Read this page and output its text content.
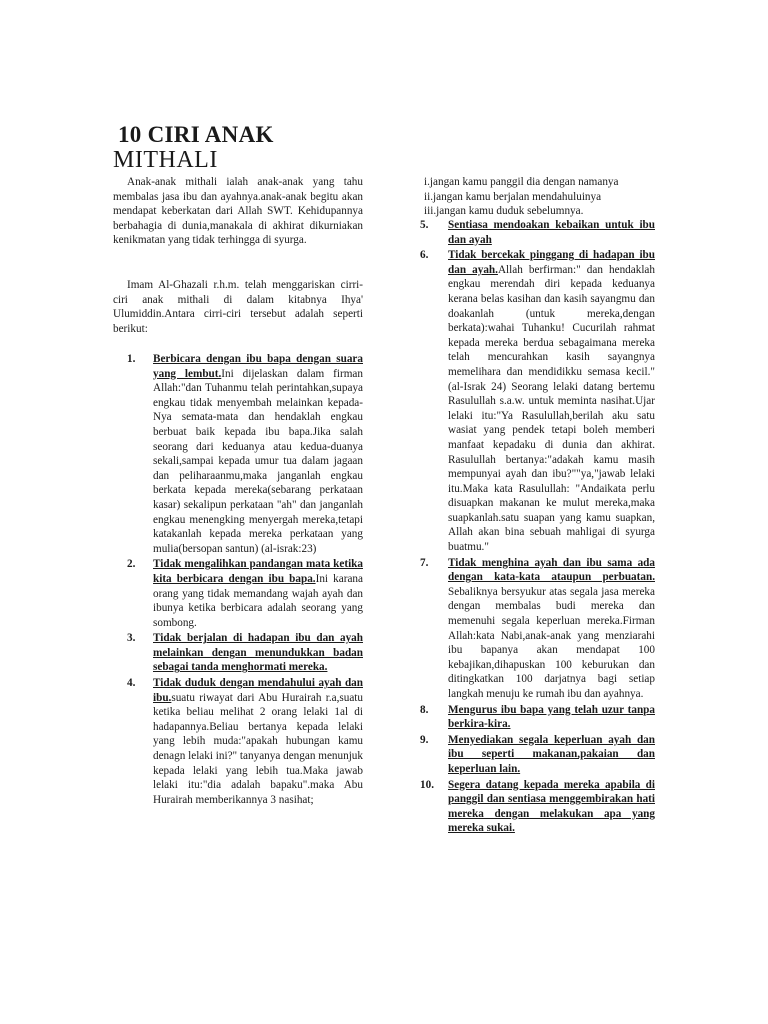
10 CIRI ANAK
MITHALI
Anak-anak mithali ialah anak-anak yang tahu membalas jasa ibu dan ayahnya.anak-anak begitu akan mendapat keberkatan dari Allah SWT. Kehidupannya berbahagia di dunia,manakala di akhirat dikurniakan kenikmatan yang tidak terhingga di syurga.
Imam Al-Ghazali r.h.m. telah menggariskan cirri-ciri anak mithali di dalam kitabnya Ihya' Ulumiddin.Antara cirri-ciri tersebut adalah seperti berikut:
1. Berbicara dengan ibu bapa dengan suara yang lembut.Ini dijelaskan dalam firman Allah:"dan Tuhanmu telah perintahkan,supaya engkau tidak menyembah melainkan kepada-Nya semata-mata dan hendaklah engkau berbuat baik kepada ibu bapa.Jika salah seorang dari keduanya atau kedua-duanya sekali,sampai kepada umur tua dalam jagaan dan peliharaanmu,maka janganlah engkau berkata kepada mereka(sebarang perkataan kasar) sekalipun perkataan "ah" dan janganlah engkau menengking menyergah mereka,tetapi katakanlah kepada mereka perkataan yang mulia(bersopan santun) (al-israk:23)
2. Tidak mengalihkan pandangan mata ketika kita berbicara dengan ibu bapa.Ini karana orang yang tidak memandang wajah ayah dan ibunya ketika berbicara adalah seorang yang sombong.
3. Tidak berjalan di hadapan ibu dan ayah melainkan dengan menundukkan badan sebagai tanda menghormati mereka.
4. Tidak duduk dengan mendahului ayah dan ibu.suatu riwayat dari Abu Hurairah r.a,suatu ketika beliau melihat 2 orang lelaki 1al di hadapannya.Beliau bertanya kepada lelaki yang lebih muda:"apakah hubungan kamu denagn lelaki ini?" tanyanya dengan menunjuk kepada lelaki yang lebih tua.Maka jawab lelaki itu:"dia adalah bapaku".maka Abu Hurairah memberikannya 3 nasihat;
i.jangan kamu panggil dia dengan namanya
ii.jangan kamu berjalan mendahuluinya
iii.jangan kamu duduk sebelumnya.
5. Sentiasa mendoakan kebaikan untuk ibu dan ayah
6. Tidak bercekak pinggang di hadapan ibu dan ayah.Allah berfirman:" dan hendaklah engkau merendah diri kepada keduanya kerana belas kasihan dan kasih sayangmu dan doakanlah (untuk mereka,dengan berkata):wahai Tuhanku! Cucurilah rahmat kepada mereka berdua sebagaimana mereka telah mencurahkan kasih sayangnya memelihara dan mendidikku semasa kecil."(al-Israk 24) Seorang lelaki datang bertemu Rasulullah s.a.w. untuk meminta nasihat.Ujar lelaki itu:"Ya Rasulullah,berilah aku satu wasiat yang pendek tetapi boleh memberi manfaat kepadaku di dunia dan akhirat. Rasulullah bertanya:"adakah kamu masih mempunyai ayah dan ibu?""ya,"jawab lelaki itu.Maka kata Rasulullah: "Andaikata perlu disuapkan makanan ke mulut mereka,maka suapkanlah.satu suapan yang kamu suapkan, Allah akan bina sebuah mahligai di syurga buatmu."
7. Tidak menghina ayah dan ibu sama ada dengan kata-kata ataupun perbuatan. Sebaliknya bersyukur atas segala jasa mereka dengan membalas budi mereka dan memenuhi segala keperluan mereka.Firman Allah:kata Nabi,anak-anak yang menziarahi ibu bapanya akan mendapat 100 kebajikan,dihapuskan 100 keburukan dan ditingkatkan 100 darjatnya bagi setiap langkah menuju ke rumah ibu dan ayahnya.
8. Mengurus ibu bapa yang telah uzur tanpa berkira-kira.
9. Menyediakan segala keperluan ayah dan ibu seperti makanan,pakaian dan keperluan lain.
10. Segera datang kepada mereka apabila di panggil dan sentiasa menggembirakan hati mereka dengan melakukan apa yang mereka sukai.
